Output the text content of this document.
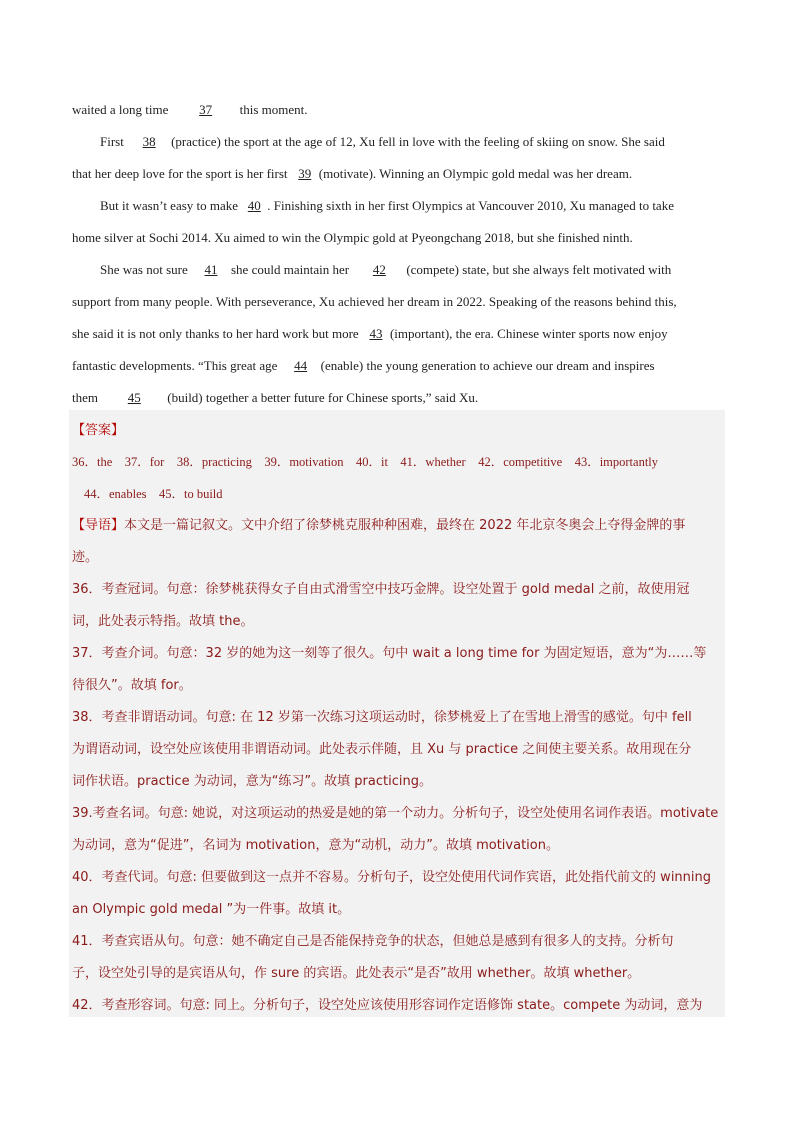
waited a long time 37 this moment.
First 38 (practice) the sport at the age of 12, Xu fell in love with the feeling of skiing on snow. She said
that her deep love for the sport is her first 39 (motivate). Winning an Olympic gold medal was her dream.
But it wasn’t easy to make 40 . Finishing sixth in her first Olympics at Vancouver 2010, Xu managed to take
home silver at Sochi 2014. Xu aimed to win the Olympic gold at Pyeongchang 2018, but she finished ninth.
She was not sure 41 she could maintain her 42 (compete) state, but she always felt motivated with
support from many people. With perseverance, Xu achieved her dream in 2022. Speaking of the reasons behind this,
she said it is not only thanks to her hard work but more 43 (important), the era. Chinese winter sports now enjoy
fantastic developments. “This great age 44 (enable) the young generation to achieve our dream and inspires
them 45 (build) together a better future for Chinese sports,” said Xu.
【答案】
36．the　37．for　38．practicing　39．motivation　40．it　41．whether　42．competitive　43．importantly
44．enables　45．to build
【导语】本文是一篇记叙文。文中介绍了徐梦桃克服种种困难，最终在 2022 年北京冬奥会上夺得金牌的事
迹。
36．考查冠词。句意：徐梦桃获得女子自由式滑雪空中技巧金牌。设空处置于 gold medal 之前，故使用冠
词，此处表示特指。故填 the。
37．考查介词。句意：32 岁的她为这一刻等了很久。句中 wait a long time for 为固定短语，意为“为……等
待很久”。故填 for。
38．考查非谓语动词。句意: 在 12 岁第一次练习这项运动时，徐梦桃爱上了在雪地上滑雪的感觉。句中 fell
为谓语动词，设空处应该使用非谓语动词。此处表示伴随，且 Xu 与 practice 之间使主要关系。故用现在分
词作状语。practice 为动词，意为“练习”。故填 practicing。
39.考查名词。句意: 她说，对这项运动的热爱是她的第一个动力。分析句子，设空处使用名词作表语。motivate
为动词，意为“促进”，名词为 motivation，意为“动机，动力”。故填 motivation。
40．考查代词。句意: 但要做到这一点并不容易。分析句子，设空处使用代词作宾语，此处指代前文的 winning
an Olympic gold medal ”为一件事。故填 it。
41．考查宾语从句。句意：她不确定自己是否能保持竞争的状态，但她总是感到有很多人的支持。分析句
子，设空处引导的是宾语从句，作 sure 的宾语。此处表示“是否”故用 whether。故填 whether。
42．考查形容词。句意: 同上。分析句子，设空处应该使用形容词作定语修饰 state。compete 为动词，意为
